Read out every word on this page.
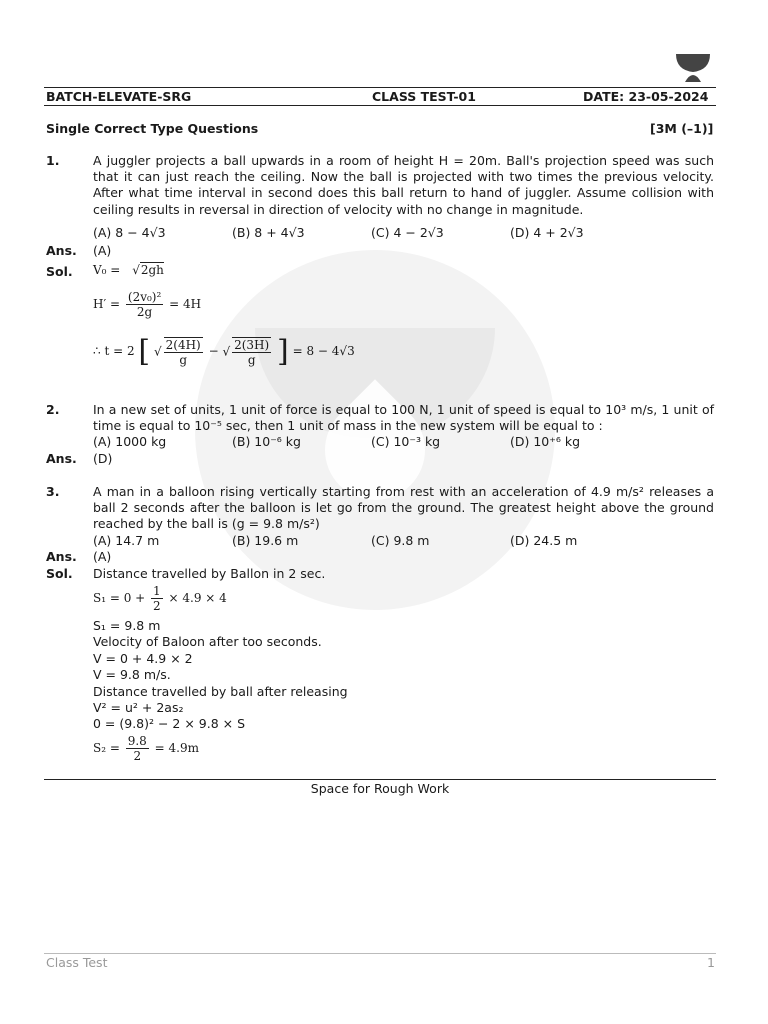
BATCH-ELEVATE-SRG	CLASS TEST-01	DATE: 23-05-2024
Single Correct Type Questions	[3M (–1)]
1.	A juggler projects a ball upwards in a room of height H = 20m. Ball's projection speed was such that it can just reach the ceiling. Now the ball is projected with two times the previous velocity. After what time interval in second does this ball return to hand of juggler. Assume collision with ceiling results in reversal in direction of velocity with no change in magnitude.
(A) 8 − 4√3	(B) 8 + 4√3	(C) 4 − 2√3	(D) 4 + 2√3
Ans. (A)
Sol. V₀ = √2gh
$H' = \frac{\text{(2v₀)²}}{2g} = 4H$
∴ t = 2 [ √ $\frac{2(4H)}{g}$ − √ $\frac{2(3H)}{g}$ ] = 8 − 4√3
2.	In a new set of units, 1 unit of force is equal to 100 N, 1 unit of speed is equal to 10³ m/s, 1 unit of time is equal to 10⁻⁵ sec, then 1 unit of mass in the new system will be equal to :
(A) 1000 kg	(B) 10⁻⁶ kg	(C) 10⁻³ kg	(D) 10⁺⁶ kg
Ans. (D)
3.	A man in a balloon rising vertically starting from rest with an acceleration of 4.9 m/s² releases a ball 2 seconds after the balloon is let go from the ground. The greatest height above the ground reached by the ball is (g = 9.8 m/s²)
(A) 14.7 m	(B) 19.6 m	(C) 9.8 m	(D) 24.5 m
Ans. (A)
Sol. Distance travelled by Ballon in 2 sec.
$S_1 = 0 + \frac{1}{2} \times 4.9 \times 4$
S₁ = 9.8 m
Velocity of Baloon after too seconds.
V = 0 + 4.9 × 2
V = 9.8 m/s.
Distance travelled by ball after releasing
V² = u² + 2as₂
0 = (9.8)² − 2 × 9.8 × S
$S_2 = \frac{9.8}{2} = 4.9m$
Space for Rough Work
Class Test	1
